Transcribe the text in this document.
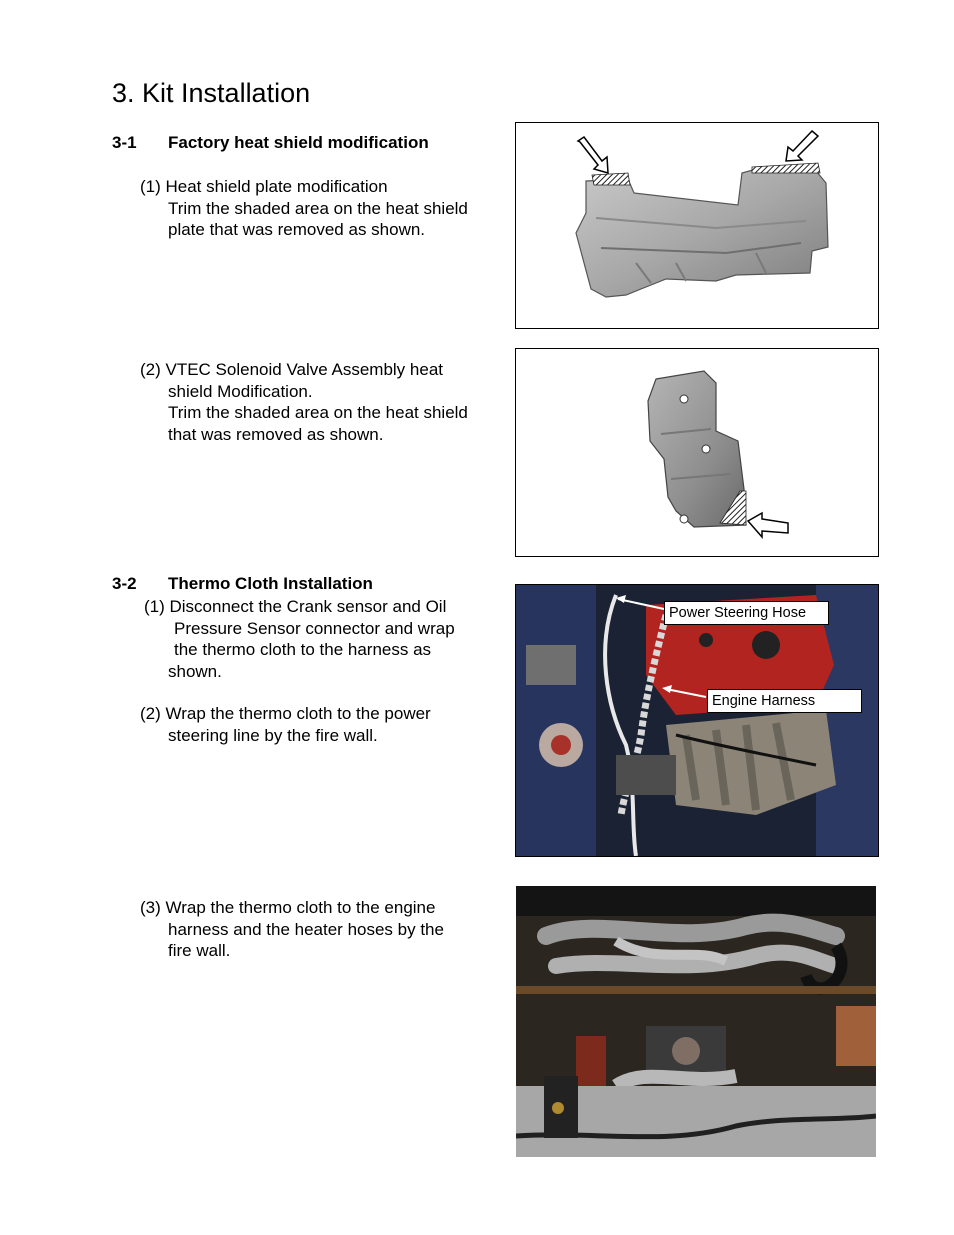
3. Kit Installation
3-1 Factory heat shield modification
(1) Heat shield plate modification
Trim the shaded area on the heat shield
plate that was removed as shown.
(2) VTEC Solenoid Valve Assembly heat
shield Modification.
Trim the shaded area on the heat shield
that was removed as shown.
3-2 Thermo Cloth Installation
(1) Disconnect the Crank sensor and Oil
Pressure Sensor connector and wrap
the thermo cloth to the harness as
shown.
(2) Wrap the thermo cloth to the power
steering line by the fire wall.
Power Steering Hose
Engine Harness
(3) Wrap the thermo cloth to the engine
harness and the heater hoses by the
fire wall.
